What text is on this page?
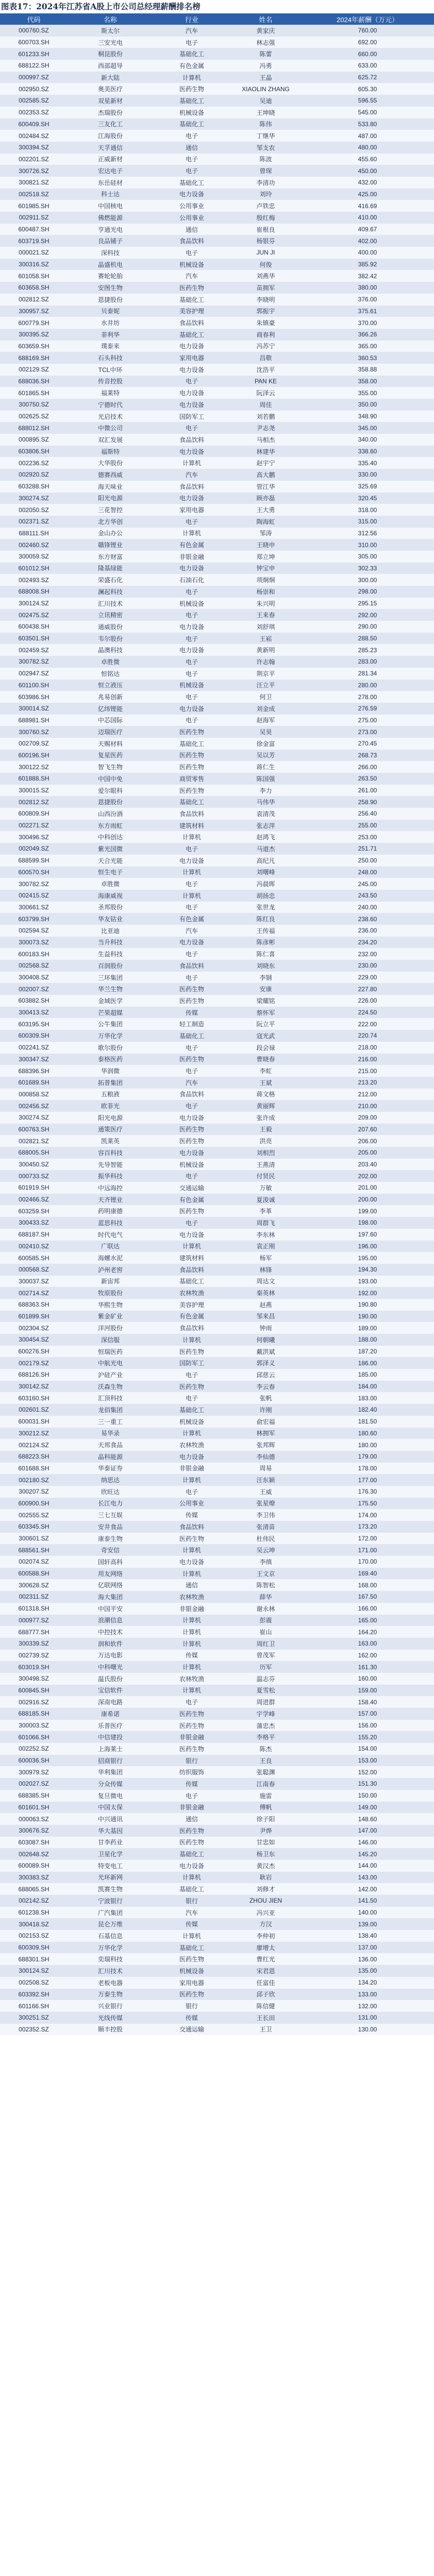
图表17：2024年江苏省A股上市公司总经理薪酬排名榜
代码	名称	行业	姓名	2024年薪酬（万元）
000760.SZ	斯太尔	汽车	黄家庆	760.00
600703.SH	三安光电	电子	林志强	692.00
601233.SH	桐昆股份	基础化工	陈蕾	660.00
688122.SH	西部超导	有色金属	冯勇	633.00
000997.SZ	新大陆	计算机	王晶	625.72
002950.SZ	奥美医疗	医药生物	XIAOLIN ZHANG	605.30
002585.SZ	双星新材	基础化工	吴迪	596.55
002353.SZ	杰瑞股份	机械设备	王坤晓	545.00
600409.SH	三友化工	基础化工	陈伟	533.80
002484.SZ	江海股份	电子	丁继华	487.00
300394.SZ	天孚通信	通信	邹支农	480.00
002201.SZ	正威新材	电子	陈波	455.60
300726.SZ	宏达电子	电子	曾琛	450.00
300821.SZ	东岳硅材	基础化工	李清功	432.00
002518.SZ	科士达	电力设备	刘玲	425.00
601985.SH	中国核电	公用事业	卢铁忠	416.69
002911.SZ	佛燃能源	公用事业	殷红梅	410.00
600487.SH	亨通光电	通信	崔根良	409.67
603719.SH	良品铺子	食品饮料	杨银芬	402.00
000021.SZ	深科技	电子	JUN JI	400.00
300316.SZ	晶盛机电	机械设备	何俊	385.92
601058.SH	赛轮轮胎	汽车	刘燕华	382.42
603658.SH	安图生物	医药生物	苗拥军	380.00
002812.SZ	恩捷股份	基础化工	李晓明	376.00
300957.SZ	贝泰妮	美容护理	郭振宇	375.61
600779.SH	水井坊	食品饮料	朱镇豪	370.00
300395.SZ	菲利华	基础化工	商春利	366.26
603659.SH	璞泰来	电力设备	冯苏宁	365.00
688169.SH	石头科技	家用电器	昌敬	360.53
002129.SZ	TCL中环	电力设备	沈浩平	358.88
688036.SH	传音控股	电子	PAN KE	358.00
601865.SH	福莱特	电力设备	阮泽云	355.00
300750.SZ	宁德时代	电力设备	周佳	350.00
002625.SZ	光启技术	国防军工	刘若鹏	348.90
688012.SH	中微公司	电子	尹志尧	345.00
000895.SZ	双汇发展	食品饮料	马相杰	340.00
603806.SH	福斯特	电力设备	林建华	338.60
002236.SZ	大华股份	计算机	赵宇宁	335.40
002920.SZ	德赛西威	汽车	高大鹏	330.00
603288.SH	海天味业	食品饮料	管江华	325.69
300274.SZ	阳光电源	电力设备	顾亦磊	320.45
002050.SZ	三花智控	家用电器	王大勇	318.00
002371.SZ	北方华创	电子	陶海虹	315.00
688111.SH	金山办公	计算机	邹涛	312.56
002460.SZ	赣锋锂业	有色金属	王晓申	310.00
300059.SZ	东方财富	非银金融	郑立坤	305.00
601012.SH	隆基绿能	电力设备	钟宝申	302.33
002493.SZ	荣盛石化	石油石化	项炯炯	300.00
688008.SH	澜起科技	电子	杨崇和	298.00
300124.SZ	汇川技术	机械设备	朱兴明	295.15
002475.SZ	立讯精密	电子	王来春	292.00
600438.SH	通威股份	电力设备	刘舒琪	290.00
603501.SH	韦尔股份	电子	王崧	288.50
002459.SZ	晶澳科技	电力设备	黄新明	285.23
300782.SZ	卓胜微	电子	许志翰	283.00
002947.SZ	恒铭达	电子	荆京平	281.34
601100.SH	恒立液压	机械设备	汪立平	280.00
603986.SH	兆易创新	电子	何卫	278.00
300014.SZ	亿纬锂能	电力设备	刘金成	276.59
688981.SH	中芯国际	电子	赵海军	275.00
300760.SZ	迈瑞医疗	医药生物	吴昊	273.00
002709.SZ	天赐材料	基础化工	徐金富	270.45
600196.SH	复星医药	医药生物	吴以芳	268.73
300122.SZ	智飞生物	医药生物	蒋仁生	266.00
601888.SH	中国中免	商贸零售	陈国强	263.50
300015.SZ	爱尔眼科	医药生物	李力	261.00
002812.SZ	恩捷股份	基础化工	马伟华	258.90
600809.SH	山西汾酒	食品饮料	袁清茂	256.40
002271.SZ	东方雨虹	建筑材料	张志萍	255.00
300496.SZ	中科创达	计算机	赵鸿飞	253.00
002049.SZ	紫光国微	电子	马道杰	251.71
688599.SH	天合光能	电力设备	高纪凡	250.00
600570.SH	恒生电子	计算机	刘曙峰	248.00
300782.SZ	卓胜微	电子	冯晨晖	245.00
002415.SZ	海康威视	计算机	胡扬忠	243.50
300661.SZ	圣邦股份	电子	张世龙	240.00
603799.SH	华友钴业	有色金属	陈红良	238.60
002594.SZ	比亚迪	汽车	王传福	236.00
300073.SZ	当升科技	电力设备	陈彦彬	234.20
600183.SH	生益科技	电子	陈仁喜	232.00
002568.SZ	百润股份	食品饮料	刘晓东	230.00
300408.SZ	三环集团	电子	李钢	229.00
002007.SZ	华兰生物	医药生物	安康	227.80
603882.SH	金域医学	医药生物	梁耀铭	226.00
300413.SZ	芒果超媒	传媒	蔡怀军	224.50
603195.SH	公牛集团	轻工制造	阮立平	222.00
600309.SH	万华化学	基础化工	寇光武	220.74
002241.SZ	歌尔股份	电子	段会禄	218.00
300347.SZ	泰格医药	医药生物	曹晓春	216.00
688396.SH	华润微	电子	李虹	215.00
601689.SH	拓普集团	汽车	王斌	213.20
000858.SZ	五粮液	食品饮料	蒋文格	212.00
002456.SZ	欧菲光	电子	黄丽辉	210.00
300274.SZ	阳光电源	电力设备	张许成	209.00
600763.SH	通策医疗	医药生物	王毅	207.60
002821.SZ	凯莱英	医药生物	洪亮	206.00
688005.SH	容百科技	电力设备	刘相烈	205.00
300450.SZ	先导智能	机械设备	王燕清	203.40
000733.SZ	振华科技	电子	付贤民	202.00
601919.SH	中远海控	交通运输	万敏	201.00
002466.SZ	天齐锂业	有色金属	夏浚诚	200.00
603259.SH	药明康德	医药生物	李革	199.00
300433.SZ	蓝思科技	电子	周群飞	198.00
688187.SH	时代电气	电力设备	李东林	197.60
002410.SZ	广联达	计算机	袁正刚	196.00
600585.SH	海螺水泥	建筑材料	杨军	195.00
000568.SZ	泸州老窖	食品饮料	林锋	194.30
300037.SZ	新宙邦	基础化工	周达文	193.00
002714.SZ	牧原股份	农林牧渔	秦英林	192.00
688363.SH	华熙生物	美容护理	赵燕	190.80
601899.SH	紫金矿业	有色金属	邹来昌	190.00
002304.SZ	洋河股份	食品饮料	钟雨	189.00
300454.SZ	深信服	计算机	何朝曦	188.00
600276.SH	恒瑞医药	医药生物	戴洪斌	187.20
002179.SZ	中航光电	国防军工	郭泽义	186.00
688126.SH	沪硅产业	电子	邱慈云	185.00
300142.SZ	沃森生物	医药生物	李云春	184.00
603160.SH	汇顶科技	电子	张帆	183.00
002601.SZ	龙佰集团	基础化工	许刚	182.40
600031.SH	三一重工	机械设备	俞宏福	181.50
300212.SZ	易华录	计算机	林拥军	180.60
002124.SZ	天邦食品	农林牧渔	张邦辉	180.00
688223.SH	晶科能源	电力设备	李仙德	179.00
601688.SH	华泰证券	非银金融	周易	178.00
002180.SZ	纳思达	计算机	汪东颖	177.00
300207.SZ	欣旺达	电子	王威	176.30
600900.SH	长江电力	公用事业	张星燎	175.50
002555.SZ	三七互娱	传媒	李卫伟	174.00
603345.SH	安井食品	食品饮料	张清苗	173.20
300601.SZ	康泰生物	医药生物	杜伟民	172.00
688561.SH	奇安信	计算机	吴云坤	171.00
002074.SZ	国轩高科	电力设备	李缜	170.00
600588.SH	用友网络	计算机	王文京	169.40
300628.SZ	亿联网络	通信	陈智松	168.00
002311.SZ	海大集团	农林牧渔	薛华	167.50
601318.SH	中国平安	非银金融	谢永林	166.00
000977.SZ	浪潮信息	计算机	彭震	165.00
688777.SH	中控技术	计算机	崔山	164.20
300339.SZ	润和软件	计算机	周红卫	163.00
002739.SZ	万达电影	传媒	曾茂军	162.00
603019.SH	中科曙光	计算机	历军	161.30
300498.SZ	温氏股份	农林牧渔	温志芬	160.00
600845.SH	宝信软件	计算机	夏雪松	159.00
002916.SZ	深南电路	电子	周进群	158.40
688185.SH	康希诺	医药生物	宇学峰	157.00
300003.SZ	乐普医疗	医药生物	蒲忠杰	156.00
601066.SH	中信建投	非银金融	李格平	155.20
002252.SZ	上海莱士	医药生物	陈杰	154.00
600036.SH	招商银行	银行	王良	153.00
300979.SZ	华利集团	纺织服饰	张聪渊	152.00
002027.SZ	分众传媒	传媒	江南春	151.30
688385.SH	复旦微电	电子	施雷	150.00
601601.SH	中国太保	非银金融	傅帆	149.00
000063.SZ	中兴通讯	通信	徐子阳	148.60
300676.SZ	华大基因	医药生物	尹烨	147.00
603087.SH	甘李药业	医药生物	甘忠如	146.00
002648.SZ	卫星化学	基础化工	杨卫东	145.20
600089.SH	特变电工	电力设备	黄汉杰	144.00
300383.SZ	光环新网	计算机	耿岩	143.00
688065.SH	凯赛生物	基础化工	刘修才	142.00
002142.SZ	宁波银行	银行	ZHOU JIEN	141.50
601238.SH	广汽集团	汽车	冯兴亚	140.00
300418.SZ	昆仑万维	传媒	方汉	139.00
002153.SZ	石基信息	计算机	李仲初	138.40
600309.SH	万华化学	基础化工	廖增太	137.00
688301.SH	奕瑞科技	医药生物	曹红光	136.00
300124.SZ	汇川技术	机械设备	宋君恩	135.00
002508.SZ	老板电器	家用电器	任富佳	134.20
603392.SH	万泰生物	医药生物	邱子欣	133.00
601166.SH	兴业银行	银行	陈信健	132.00
300251.SZ	光线传媒	传媒	王长田	131.00
002352.SZ	顺丰控股	交通运输	王卫	130.00
